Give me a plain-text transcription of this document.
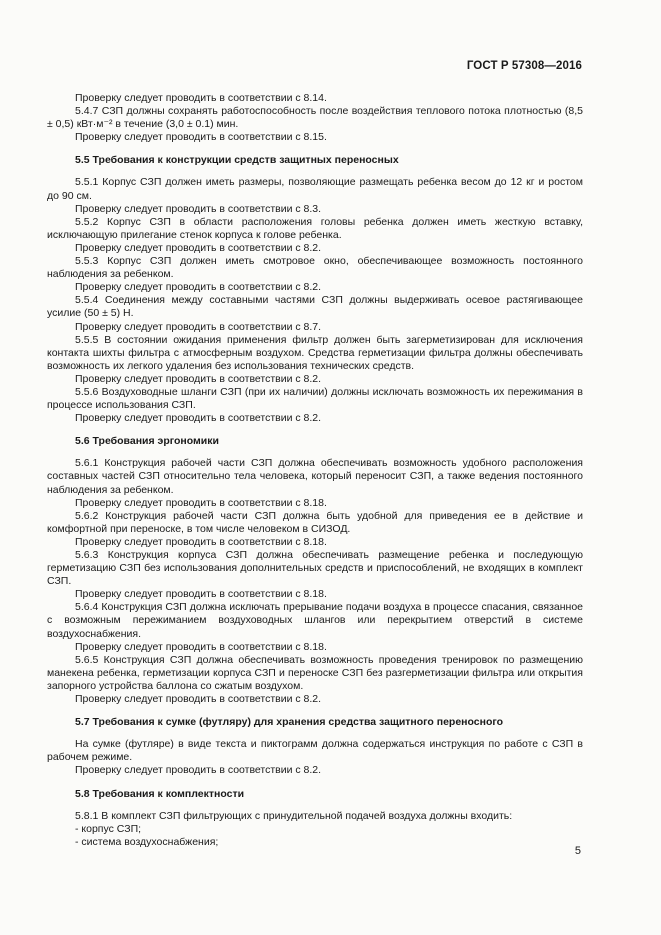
ГОСТ Р 57308—2016

Проверку следует проводить в соответствии с 8.14.

5.4.7 СЗП должны сохранять работоспособность после воздействия теплового потока плотностью (8,5 ± 0,5) кВт·м⁻² в течение (3,0 ± 0.1) мин.

Проверку следует проводить в соответствии с 8.15.

5.5 Требования к конструкции средств защитных переносных

5.5.1 Корпус СЗП должен иметь размеры, позволяющие размещать ребенка весом до 12 кг и ростом до 90 см.

Проверку следует проводить в соответствии с 8.3.

5.5.2 Корпус СЗП в области расположения головы ребенка должен иметь жесткую вставку, исключающую прилегание стенок корпуса к голове ребенка.

Проверку следует проводить в соответствии с 8.2.

5.5.3 Корпус СЗП должен иметь смотровое окно, обеспечивающее возможность постоянного наблюдения за ребенком.

Проверку следует проводить в соответствии с 8.2.

5.5.4 Соединения между составными частями СЗП должны выдерживать осевое растягивающее усилие (50 ± 5) Н.

Проверку следует проводить в соответствии с 8.7.

5.5.5 В состоянии ожидания применения фильтр должен быть загерметизирован для исключения контакта шихты фильтра с атмосферным воздухом. Средства герметизации фильтра должны обеспечивать возможность их легкого удаления без использования технических средств.

Проверку следует проводить в соответствии с 8.2.

5.5.6 Воздуховодные шланги СЗП (при их наличии) должны исключать возможность их пережимания в процессе использования СЗП.

Проверку следует проводить в соответствии с 8.2.

5.6 Требования эргономики

5.6.1 Конструкция рабочей части СЗП должна обеспечивать возможность удобного расположения составных частей СЗП относительно тела человека, который переносит СЗП, а также ведения постоянного наблюдения за ребенком.

Проверку следует проводить в соответствии с 8.18.

5.6.2 Конструкция рабочей части СЗП должна быть удобной для приведения ее в действие и комфортной при переноске, в том числе человеком в СИЗОД.

Проверку следует проводить в соответствии с 8.18.

5.6.3 Конструкция корпуса СЗП должна обеспечивать размещение ребенка и последующую герметизацию СЗП без использования дополнительных средств и приспособлений, не входящих в комплект СЗП.

Проверку следует проводить в соответствии с 8.18.

5.6.4 Конструкция СЗП должна исключать прерывание подачи воздуха в процессе спасания, связанное с возможным пережиманием воздуховодных шлангов или перекрытием отверстий в системе воздухоснабжения.

Проверку следует проводить в соответствии с 8.18.

5.6.5 Конструкция СЗП должна обеспечивать возможность проведения тренировок по размещению манекена ребенка, герметизации корпуса СЗП и переноске СЗП без разгерметизации фильтра или открытия запорного устройства баллона со сжатым воздухом.

Проверку следует проводить в соответствии с 8.2.

5.7 Требования к сумке (футляру) для хранения средства защитного переносного

На сумке (футляре) в виде текста и пиктограмм должна содержаться инструкция по работе с СЗП в рабочем режиме.

Проверку следует проводить в соответствии с 8.2.

5.8 Требования к комплектности

5.8.1 В комплект СЗП фильтрующих с принудительной подачей воздуха должны входить:

- корпус СЗП;

- система воздухоснабжения;

5
